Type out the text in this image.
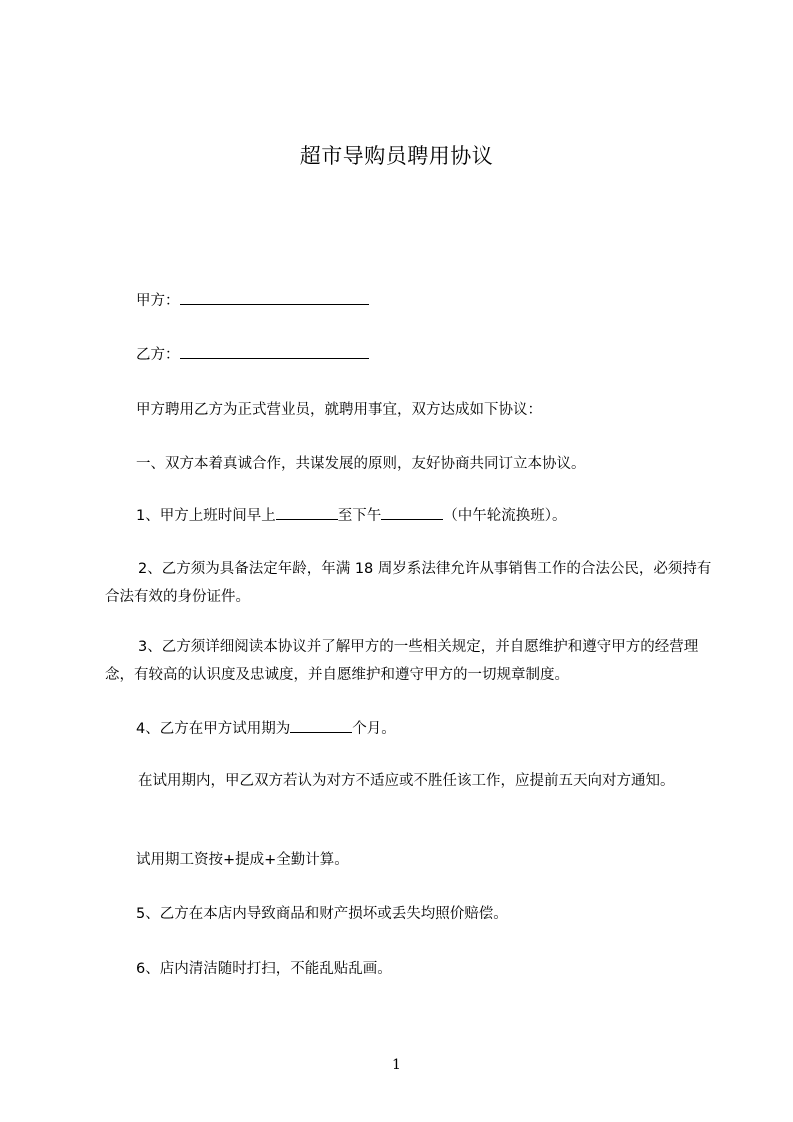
超市导购员聘用协议
甲方：
乙方：
甲方聘用乙方为正式营业员，就聘用事宜，双方达成如下协议：
一、双方本着真诚合作，共谋发展的原则，友好协商共同订立本协议。
1、甲方上班时间早上	至下午	（中午轮流换班）。
2、乙方须为具备法定年龄，年满 18 周岁系法律允许从事销售工作的合法公民，必须持有合法有效的身份证件。
3、乙方须详细阅读本协议并了解甲方的一些相关规定，并自愿维护和遵守甲方的经营理念，有较高的认识度及忠诚度，并自愿维护和遵守甲方的一切规章制度。
4、乙方在甲方试用期为	个月。
在试用期内，甲乙双方若认为对方不适应或不胜任该工作，应提前五天向对方通知。
试用期工资按+提成+全勤计算。
5、乙方在本店内导致商品和财产损坏或丢失均照价赔偿。
6、店内清洁随时打扫，不能乱贴乱画。
1
